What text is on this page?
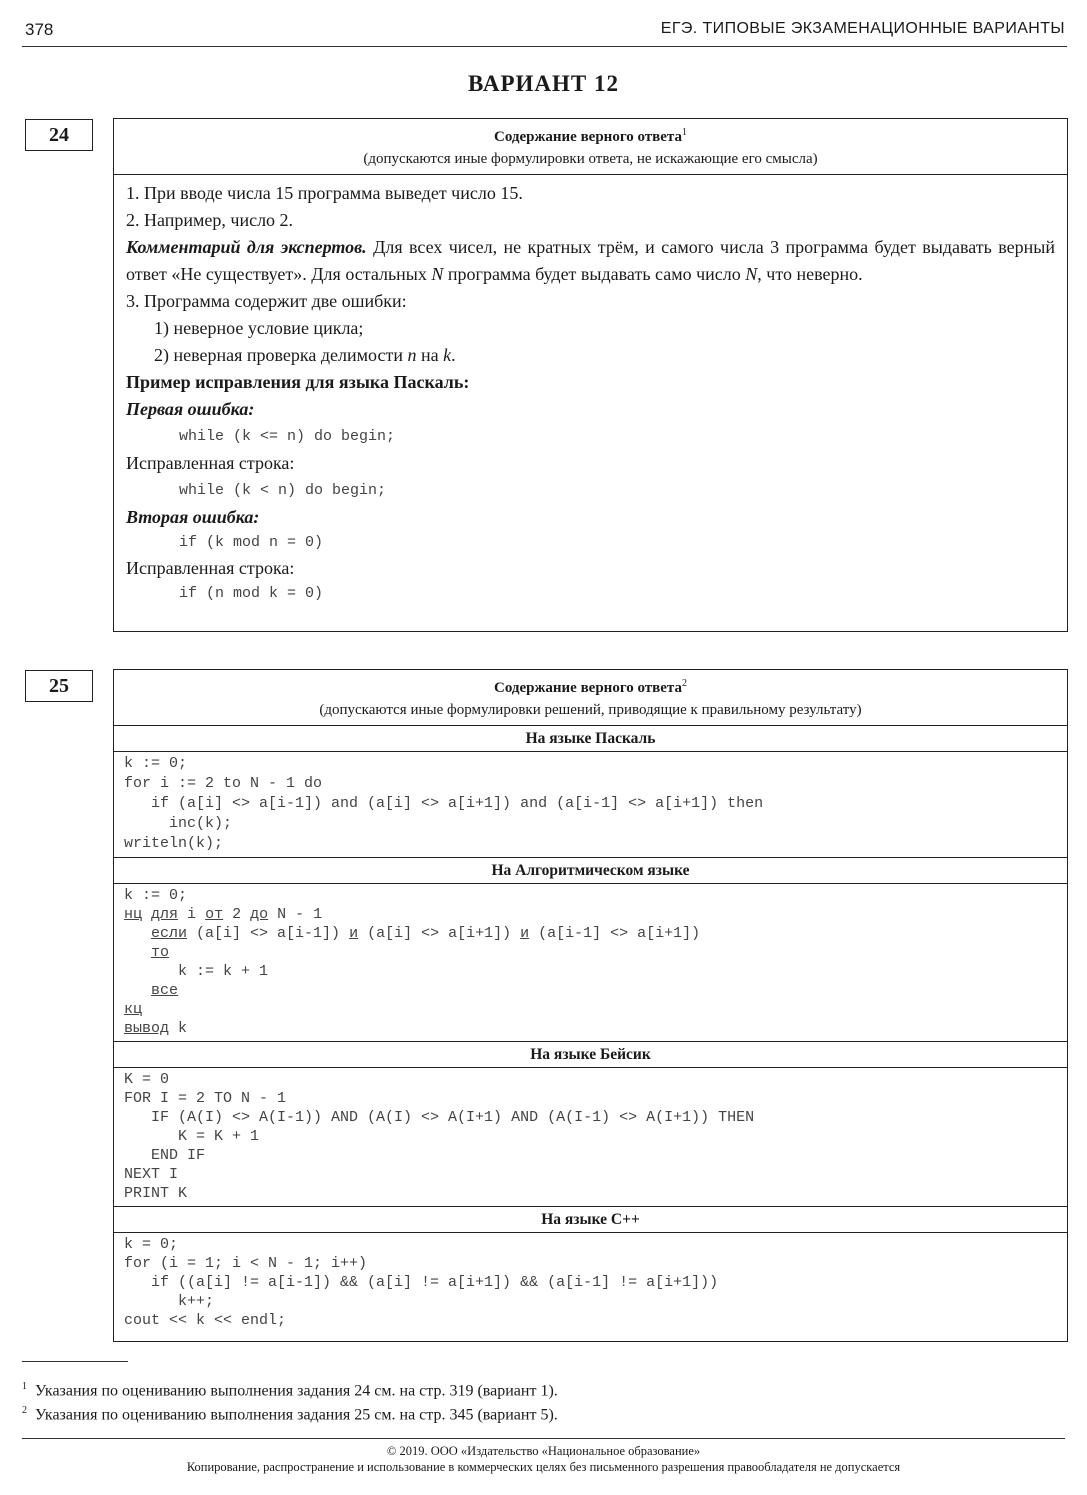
378	ЕГЭ. ТИПОВЫЕ ЭКЗАМЕНАЦИОННЫЕ ВАРИАНТЫ
ВАРИАНТ 12
24	Содержание верного ответа$^1$
(допускаются иные формулировки ответа, не искажающие его смысла)
1. При вводе числа 15 программа выведет число 15.
2. Например, число 2.
Комментарий для экспертов. Для всех чисел, не кратных трём, и самого числа 3 программа будет выдавать верный ответ «Не существует». Для остальных N программа будет выдавать само число N, что неверно.
3. Программа содержит две ошибки:
1) неверное условие цикла;
2) неверная проверка делимости n на k.
Пример исправления для языка Паскаль:
Первая ошибка:
while (k <= n) do begin;
Исправленная строка:
while (k < n) do begin;
Вторая ошибка:
if (k mod n = 0)
Исправленная строка:
if (n mod k = 0)
25	Содержание верного ответа$^2$
(допускаются иные формулировки решений, приводящие к правильному результату)
На языке Паскаль
k := 0;
for i := 2 to N - 1 do
if (a[i] <> a[i-1]) and (a[i] <> a[i+1]) and (a[i-1] <> a[i+1]) then
inc(k);
writeln(k);
На Алгоритмическом языке
k := 0;
нц для i от 2 до N - 1
если (a[i] <> a[i-1]) и (a[i] <> a[i+1]) и (a[i-1] <> a[i+1])
то
k := k + 1
все
кц
вывод k
На языке Бейсик
K = 0
FOR I = 2 TO N - 1
IF (A(I) <> A(I-1)) AND (A(I) <> A(I+1) AND (A(I-1) <> A(I+1)) THEN
K = K + 1
END IF
NEXT I
PRINT K
На языке C++
k = 0;
for (i = 1; i < N - 1; i++)
if ((a[i] != a[i-1]) && (a[i] != a[i+1]) && (a[i-1] != a[i+1]))
k++;
cout << k << endl;
$^1$ Указания по оцениванию выполнения задания 24 см. на стр. 319 (вариант 1).
$^2$ Указания по оцениванию выполнения задания 25 см. на стр. 345 (вариант 5).
© 2019. ООО «Издательство «Национальное образование»
Копирование, распространение и использование в коммерческих целях без письменного разрешения правообладателя не допускается
